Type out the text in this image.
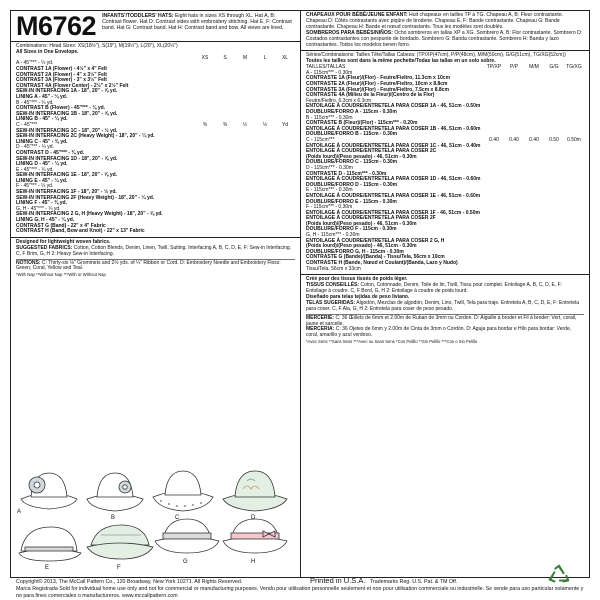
M6762 INFANTS'/TODDLERS' HATS: Eight hats in sizes XS through XL. Hat A, B: Contrast flower. Hat D: Contrast sides with embroidery stitching. Hat E, F: Contrast band. Hat G: Contrast band. Hat H: Contrast band and bow. All views are lined.
Combinations: Head Sizes: XS(18½"), S(19"), M(19½"), L(20"), XL(20½")
All Sizes in One Envelope.
	XS	S	M	L	XL
A - 45"*** - ¼ yd.					
CONTRAST 1A (Flower) - 4½" x 4" Felt					
CONTRAST 2A (Flower) - 4" x 3½" Felt					
CONTRAST 3A (Flower) - 3" x 3½" Felt					
CONTRAST 4A (Flower Center) - 2½" x 2½" Felt					
SEW-IN INTERFACING 1A - 18", 20" - ⅝ yd.					
LINING A - 45" - ¼ yd.					
B - 45"*** - ¼ yd.					
CONTRAST B (Flower) - 45"*** - ⅛ yd.					
SEW-IN INTERFACING 1B - 18", 20" - ⅝ yd.					
LINING B - 45" - ¼ yd.					
C - 45"***	⅜	⅜	½	½	Yd
SEW-IN INTERFACING 1C - 18", 20" - ½ yd.					
SEW-IN INTERFACING 2C (Heavy Weight) - 18", 20" - ¼ yd.					
LINING C - 45" - ⅜ yd.					
D - 45"*** - ¼ yd.					
CONTRAST D - 45"*** - ⅜ yd.					
SEW-IN INTERFACING 1D - 18", 20" - ⅝ yd.					
LINING D - 45" - ¼ yd.					
E - 45"*** - ¼ yd.					
SEW-IN INTERFACING 1E - 18", 20" - ⅝ yd.					
LINING E - 45" - ¼ yd.					
F - 45"*** - ¼ yd.					
SEW-IN INTERFACING 1F - 18", 20" - ½ yd.					
SEW-IN INTERFACING 2F (Heavy Weight) - 18", 20" - ¼ yd.					
LINING F - 45" - ⅜ yd.					
G, H - 45"*** - ¼ yd.					
SEW-IN INTERFACING 2 G, H (Heavy Weight) - 18", 20" - ⅝ yd.					
LINING G, H - 45" - ¼ yd.					
CONTRAST G (Band) - 22" x 4" Fabric					
CONTRAST H (Band, Bow and Knot) - 22" x 13" Fabric					
Designed for lightweight woven fabrics.
SUGGESTED FABRICS: Cotton, Cotton Blends, Denim, Linen, Twill, Suiting. Interfacing A, B, C, D, E, F: Sew-in Interfacing. C, F Brim, G, H 2: Heavy Sew-in Interfacing.
NOTIONS: C: Thirty-six ⅛" Grommets and 2½ yds. of ¼" Ribbon or Cord. D: Embroidery Needle and Embroidery Floss: Green, Coral, Yellow and Teal.
*With Nap **Without Nap ***With or Without Nap
A
B	C	D
E	F
G	H
CHAPEAUX POUR BÉBÉ/JEUNE ENFANT: Huit chapeaux en tailles TP à TG. Chapeau A, B: Fleur contrastante. Chapeau D: Côtés contrastants avec piqûre de broderie. Chapeau E, F: Bande contrastante. Chapeau G: Bande contrastante. Chapeau H: Bande et nœud contrastants. Tous les modèles sont doublés.
SOMBREROS PARA BEBÉS/NIÑOS: Ocho sombreros en tallas XP a XG. Sombrero A, B: Flor contrastante. Sombrero D: Costados contrastantes con pespunte de bordado. Sombrero G: Banda contrastante. Sombrero H: Banda y lazo contrastantes. Todos los modelos tienen forro.
Séries/Combinaisons: Tailles Tête/Tallas Cabeza: (TP/XP(47cm), P/P(48cm), M/M(50cm), G/G(51cm), TG/XG(52cm))
Toutes les tailles sont dans la même pochette/Todas las tallas en un solo sobre.
TAILLES/TALLAS	TP/XP	P/P	M/M	G/G	TG/XG
A - 115cm*** - 0.30m					
CONTRASTE 1A (Fleur)/(Flor) - Feutre/Fieltro, 11.3cm x 10cm					
CONTRASTE 2A (Fleur)/(Flor) - Feutre/Fieltro, 10cm x 8.8cm					
CONTRASTE 3A (Fleur)/(Flor) - Feutre/Fieltro, 7.5cm x 8.8cm					
CONTRASTE 4A (Milieu de la Fleur)/(Centro de la Flor)					
Feutre/Fieltro, 6.3cm x 6.3cm					
ENTOILAGE À COUDRE/ENTRETELA PARA COSER 1A - 46, 51cm - 0.50m					
DOUBLURE/FORRO A - 115cm - 0.30m					
B - 115cm*** - 0.30m					
CONTRASTE B (Fleur)/(Flor) - 115cm*** - 0.20m					
ENTOILAGE À COUDRE/ENTRETELA PARA COSER 1B - 46, 51cm - 0.60m					
DOUBLURE/FORRO B - 115cm - 0.30m					
C - 115cm***	0.40	0.40	0.40	0.50	0.50m
ENTOILAGE À COUDRE/ENTRETELA PARA COSER 1C - 46, 51cm - 0.40m					
ENTOILAGE À COUDRE/ENTRETELA PARA COSER 2C					
(Poids lourd)/(Peso pesado) - 46, 51cm - 0.30m					
DOUBLURE/FORRO C - 115cm - 0.30m					
D - 115cm*** - 0.30m					
CONTRASTE D - 115cm*** - 0.30m					
ENTOILAGE À COUDRE/ENTRETELA PARA COSER 1D - 46, 51cm - 0.60m					
DOUBLURE/FORRO D - 115cm - 0.30m					
E - 115cm*** - 0.30m					
ENTOILAGE À COUDRE/ENTRETELA PARA COSER 1E - 46, 51cm - 0.60m					
DOUBLURE/FORRO E - 115cm - 0.30m					
F - 115cm*** - 0.30m					
ENTOILAGE À COUDRE/ENTRETELA PARA COSER 1F - 46, 51cm - 0.50m					
ENTOILAGE À COUDRE/ENTRETELA PARA COSER 2F					
(Poids lourd)/(Peso pesado) - 46, 51cm - 0.30m					
DOUBLURE/FORRO F - 115cm - 0.30m					
G, H - 115cm*** - 0.30m					
ENTOILAGE À COUDRE/ENTRETELA PARA COSER 2 G, H					
(Poids lourd)/(Peso pesado) - 46, 51cm - 0.30m					
DOUBLURE/FORRO G, H - 115cm - 0.30m					
CONTRASTE G (Bande)/(Banda) - Tissu/Tela, 56cm x 10cm					
CONTRASTE H (Bande, Nœud et Coulant)/(Banda, Lazo y Nudo)					
Tissu/Tela, 56cm x 33cm					
Créé pour des tissus tissés de poids léger.
TISSUS CONSEILLÉS: Coton, Cotonnade, Denim, Toile de lin, Twill, Tissu pour complet. Entoilage A, B, C, D, E, F: Entoilage à coudre. C, F Bord, G, H 2: Entoilage à coudre de poids lourd.
Diseñado para telas tejidas de peso liviano.
TELAS SUGERIDAS: Algodón, Mezclas de algodón, Denim, Lino, Twill, Tela para traje. Entretela A, B, C, D, E, F: Entretela para coser. C, F Ala, G, H 2: Entretela para coser de peso pesado.
MERCERIE: C: 36 Œillets de 6mm et 2.00m de Ruban de 3mm ou Cordon. D: Aiguille à broder et Fil à broder: Vert, corail, jaune et sarcelle.
MERCERIA: C: 36 Ojetes de 6mm y 2.00m de Cinta de 3mm o Cordón. D: Aguja para bordar e Hilo para bordar: Verde, coral, amarillo y azul verdoso.
*Avec Sens **Sans Sens ***Avec ou Sans Sens *Con Pelillo **Sin Pelillo ***Con o Sin Pelillo
Copyright© 2013, The McCall Pattern Co., 120 Broadway, New York 10271. All Rights Reserved.	Printed in U.S.A. Trademarks Reg. U.S. Pat. & TM Off.
Marca Registrada Sold for individual home use only and not for commercial or manufacturing purposes. Vendu pour utilisation personnelle seulement et non pour utilisation commerciale ou industrielle. Se vende para uso particular solamente y no para fines comerciales o manufactureros. www.mccallpattern.com
